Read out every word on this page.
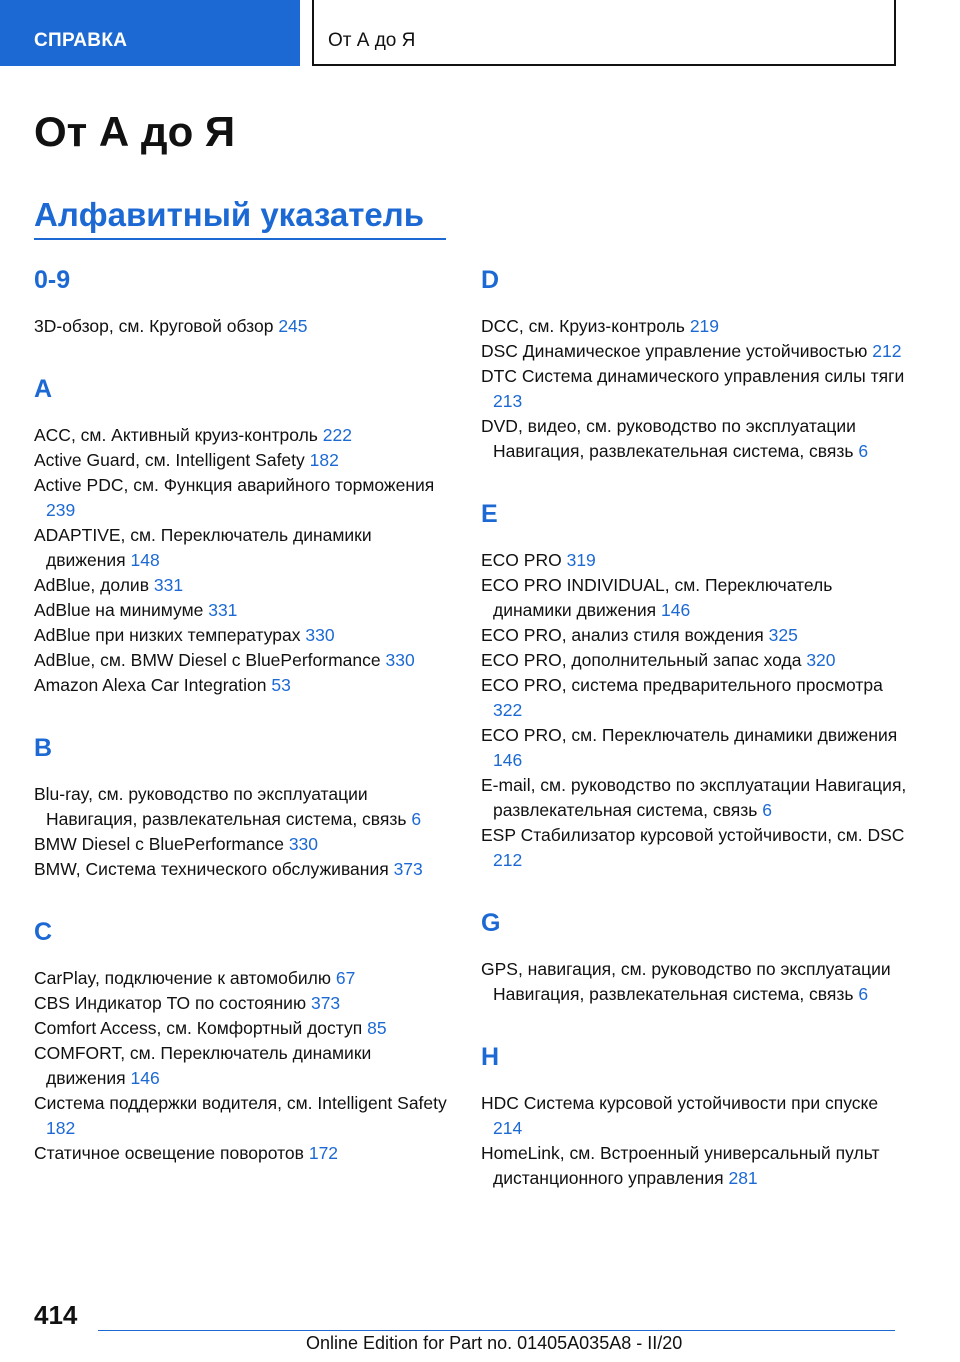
СПРАВКА	От А до Я
От А до Я
Алфавитный указатель
0-9
3D-обзор, см. Круговой обзор 245
A
ACC, см. Активный круиз-контроль 222
Active Guard, см. Intelligent Safety 182
Active PDC, см. Функция аварийного торможения 239
ADAPTIVE, см. Переключатель динамики движения 148
AdBlue, долив 331
AdBlue на минимуме 331
AdBlue при низких температурах 330
AdBlue, см. BMW Diesel с BluePerformance 330
Amazon Alexa Car Integration 53
B
Blu-ray, см. руководство по эксплуатации Навигация, развлекательная система, связь 6
BMW Diesel с BluePerformance 330
BMW, Система технического обслуживания 373
C
CarPlay, подключение к автомобилю 67
CBS Индикатор ТО по состоянию 373
Comfort Access, см. Комфортный доступ 85
COMFORT, см. Переключатель динамики движения 146
Система поддержки водителя, см. Intelligent Safety 182
Статичное освещение поворотов 172
D
DCC, см. Круиз-контроль 219
DSC Динамическое управление устойчивостью 212
DTC Система динамического управления силы тяги 213
DVD, видео, см. руководство по эксплуатации Навигация, развлекательная система, связь 6
E
ECO PRO 319
ECO PRO INDIVIDUAL, см. Переключатель динамики движения 146
ECO PRO, анализ стиля вождения 325
ECO PRO, дополнительный запас хода 320
ECO PRO, система предварительного просмотра 322
ECO PRO, см. Переключатель динамики движения 146
E-mail, см. руководство по эксплуатации Навигация, развлекательная система, связь 6
ESP Стабилизатор курсовой устойчивости, см. DSC 212
G
GPS, навигация, см. руководство по эксплуатации Навигация, развлекательная система, связь 6
H
HDC Система курсовой устойчивости при спуске 214
HomeLink, см. Встроенный универсальный пульт дистанционного управления 281
414
Online Edition for Part no. 01405A035A8 - II/20
